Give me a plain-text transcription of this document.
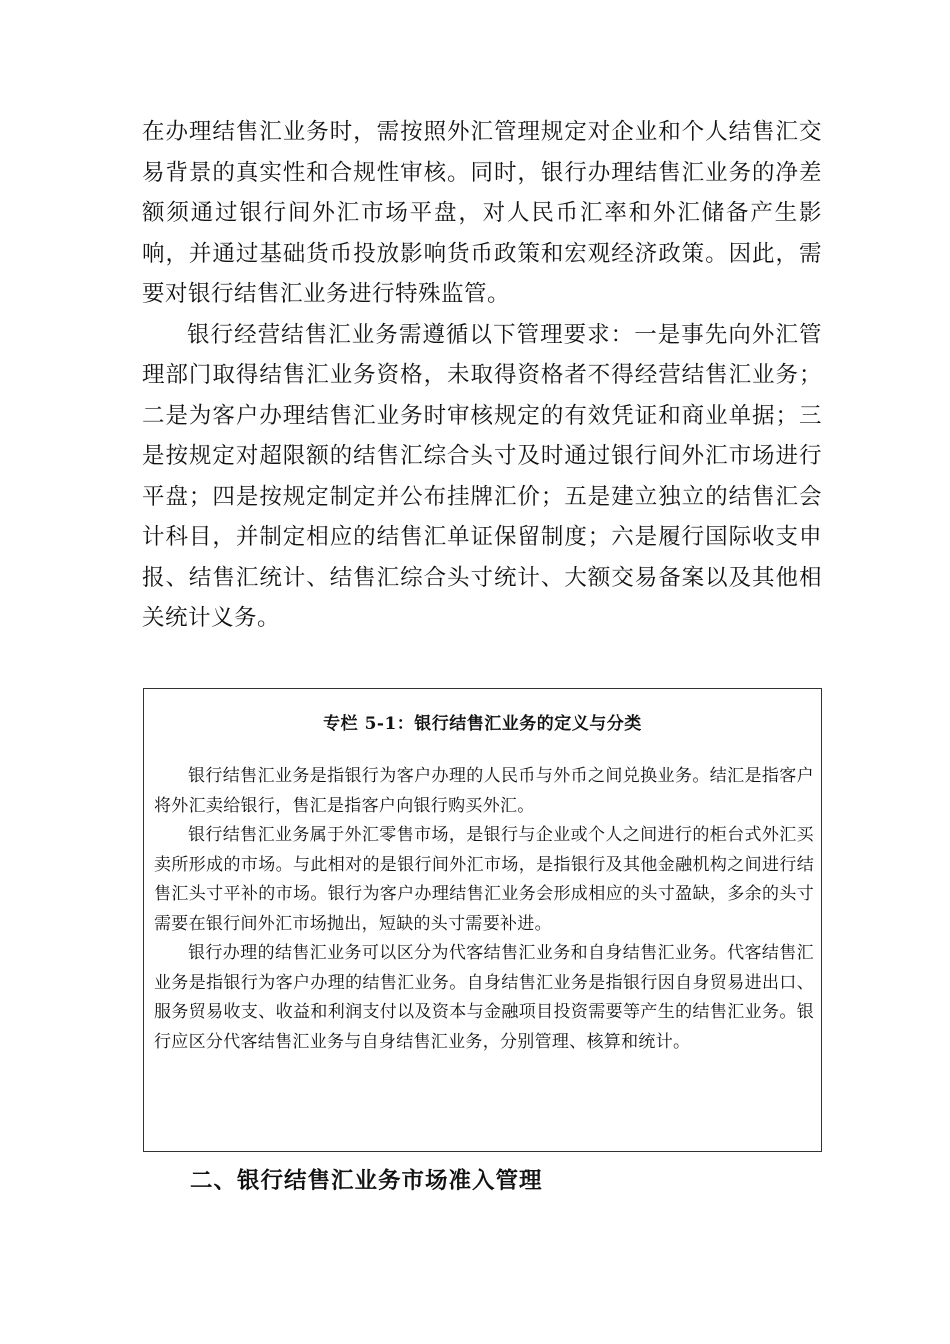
在办理结售汇业务时，需按照外汇管理规定对企业和个人结售汇交易背景的真实性和合规性审核。同时，银行办理结售汇业务的净差额须通过银行间外汇市场平盘，对人民币汇率和外汇储备产生影响，并通过基础货币投放影响货币政策和宏观经济政策。因此，需要对银行结售汇业务进行特殊监管。

银行经营结售汇业务需遵循以下管理要求：一是事先向外汇管理部门取得结售汇业务资格，未取得资格者不得经营结售汇业务；二是为客户办理结售汇业务时审核规定的有效凭证和商业单据；三是按规定对超限额的结售汇综合头寸及时通过银行间外汇市场进行平盘；四是按规定制定并公布挂牌汇价；五是建立独立的结售汇会计科目，并制定相应的结售汇单证保留制度；六是履行国际收支申报、结售汇统计、结售汇综合头寸统计、大额交易备案以及其他相关统计义务。

专栏 5-1：银行结售汇业务的定义与分类

银行结售汇业务是指银行为客户办理的人民币与外币之间兑换业务。结汇是指客户将外汇卖给银行，售汇是指客户向银行购买外汇。

银行结售汇业务属于外汇零售市场，是银行与企业或个人之间进行的柜台式外汇买卖所形成的市场。与此相对的是银行间外汇市场，是指银行及其他金融机构之间进行结售汇头寸平补的市场。银行为客户办理结售汇业务会形成相应的头寸盈缺，多余的头寸需要在银行间外汇市场抛出，短缺的头寸需要补进。

银行办理的结售汇业务可以区分为代客结售汇业务和自身结售汇业务。代客结售汇业务是指银行为客户办理的结售汇业务。自身结售汇业务是指银行因自身贸易进出口、服务贸易收支、收益和利润支付以及资本与金融项目投资需要等产生的结售汇业务。银行应区分代客结售汇业务与自身结售汇业务，分别管理、核算和统计。

二、银行结售汇业务市场准入管理
